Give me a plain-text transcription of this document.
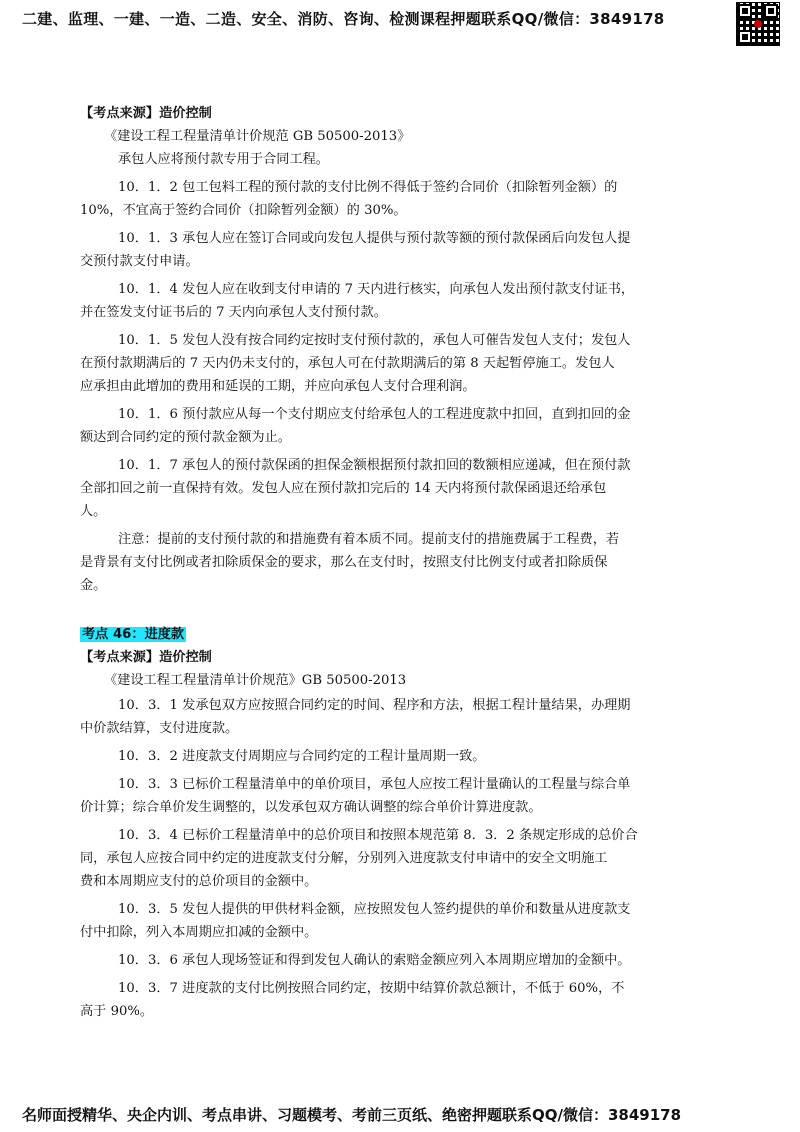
二建、监理、一建、一造、二造、安全、消防、咨询、检测课程押题联系QQ/微信：3849178
【考点来源】造价控制
《建设工程工程量清单计价规范 GB 50500-2013》
承包人应将预付款专用于合同工程。
10．1．2 包工包料工程的预付款的支付比例不得低于签约合同价（扣除暂列金额）的
10%，不宜高于签约合同价（扣除暂列金额）的 30%。
10．1．3 承包人应在签订合同或向发包人提供与预付款等额的预付款保函后向发包人提
交预付款支付申请。
10．1．4 发包人应在收到支付申请的 7 天内进行核实，向承包人发出预付款支付证书，
并在签发支付证书后的 7 天内向承包人支付预付款。
10．1．5 发包人没有按合同约定按时支付预付款的，承包人可催告发包人支付；发包人
在预付款期满后的 7 天内仍未支付的，承包人可在付款期满后的第 8 天起暂停施工。发包人
应承担由此增加的费用和延误的工期，并应向承包人支付合理利润。
10．1．6 预付款应从每一个支付期应支付给承包人的工程进度款中扣回，直到扣回的金
额达到合同约定的预付款金额为止。
10．1．7 承包人的预付款保函的担保金额根据预付款扣回的数额相应递减，但在预付款
全部扣回之前一直保持有效。发包人应在预付款扣完后的 14 天内将预付款保函退还给承包
人。
注意：提前的支付预付款的和措施费有着本质不同。提前支付的措施费属于工程费，若
是背景有支付比例或者扣除质保金的要求，那么在支付时，按照支付比例支付或者扣除质保
金。
考点 46：进度款
【考点来源】造价控制
《建设工程工程量清单计价规范》GB 50500-2013
10．3．1 发承包双方应按照合同约定的时间、程序和方法，根据工程计量结果，办理期
中价款结算，支付进度款。
10．3．2 进度款支付周期应与合同约定的工程计量周期一致。
10．3．3 已标价工程量清单中的单价项目，承包人应按工程计量确认的工程量与综合单
价计算；综合单价发生调整的，以发承包双方确认调整的综合单价计算进度款。
10．3．4 已标价工程量清单中的总价项目和按照本规范第 8．3．2 条规定形成的总价合
同，承包人应按合同中约定的进度款支付分解，分别列入进度款支付申请中的安全文明施工
费和本周期应支付的总价项目的金额中。
10．3．5 发包人提供的甲供材料金额，应按照发包人签约提供的单价和数量从进度款支
付中扣除，列入本周期应扣减的金额中。
10．3．6 承包人现场签证和得到发包人确认的索赔金额应列入本周期应增加的金额中。
10．3．7 进度款的支付比例按照合同约定，按期中结算价款总额计，不低于 60%，不
高于 90%。
名师面授精华、央企内训、考点串讲、习题模考、考前三页纸、绝密押题联系QQ/微信：3849178
